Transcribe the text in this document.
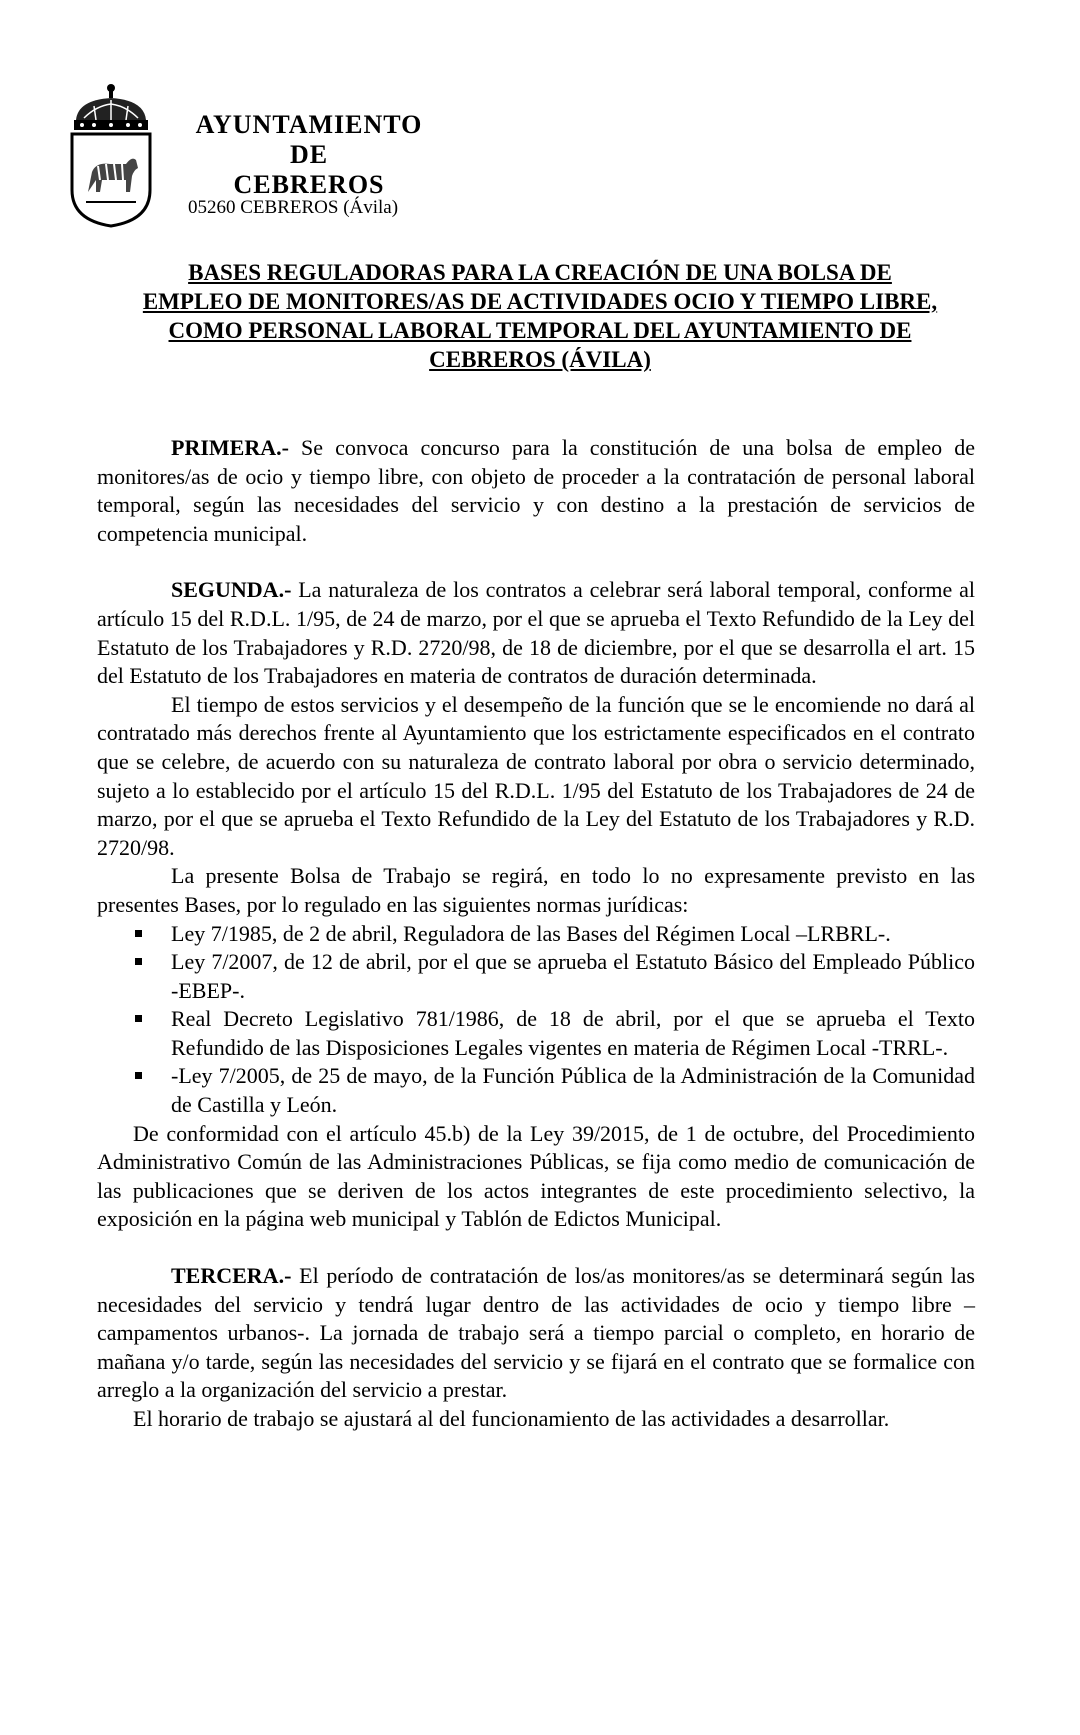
AYUNTAMIENTO
DE
CEBREROS
05260 CEBREROS (Ávila)
BASES REGULADORAS PARA LA CREACIÓN DE UNA BOLSA DE
EMPLEO DE MONITORES/AS DE ACTIVIDADES OCIO Y TIEMPO LIBRE,
COMO PERSONAL LABORAL TEMPORAL DEL AYUNTAMIENTO DE
CEBREROS (ÁVILA)

PRIMERA.- Se convoca concurso para la constitución de una bolsa de empleo de monitores/as de ocio y tiempo libre, con objeto de proceder a la contratación de personal laboral temporal, según las necesidades del servicio y con destino a la prestación de servicios de competencia municipal.

SEGUNDA.- La naturaleza de los contratos a celebrar será laboral temporal, conforme al artículo 15 del R.D.L. 1/95, de 24 de marzo, por el que se aprueba el Texto Refundido de la Ley del Estatuto de los Trabajadores y R.D. 2720/98, de 18 de diciembre, por el que se desarrolla el art. 15 del Estatuto de los Trabajadores en materia de contratos de duración determinada.

El tiempo de estos servicios y el desempeño de la función que se le encomiende no dará al contratado más derechos frente al Ayuntamiento que los estrictamente especificados en el contrato que se celebre, de acuerdo con su naturaleza de contrato laboral por obra o servicio determinado, sujeto a lo establecido por el artículo 15 del R.D.L. 1/95 del Estatuto de los Trabajadores de 24 de marzo, por el que se aprueba el Texto Refundido de la Ley del Estatuto de los Trabajadores y R.D. 2720/98.

La presente Bolsa de Trabajo se regirá, en todo lo no expresamente previsto en las presentes Bases, por lo regulado en las siguientes normas jurídicas:

Ley 7/1985, de 2 de abril, Reguladora de las Bases del Régimen Local –LRBRL-.
Ley 7/2007, de 12 de abril, por el que se aprueba el Estatuto Básico del Empleado Público -EBEP-.
Real Decreto Legislativo 781/1986, de 18 de abril, por el que se aprueba el Texto Refundido de las Disposiciones Legales vigentes en materia de Régimen Local -TRRL-.
-Ley 7/2005, de 25 de mayo, de la Función Pública de la Administración de la Comunidad de Castilla y León.

De conformidad con el artículo 45.b) de la Ley 39/2015, de 1 de octubre, del Procedimiento Administrativo Común de las Administraciones Públicas, se fija como medio de comunicación de las publicaciones que se deriven de los actos integrantes de este procedimiento selectivo, la exposición en la página web municipal y Tablón de Edictos Municipal.

TERCERA.- El período de contratación de los/as monitores/as se determinará según las necesidades del servicio y tendrá lugar dentro de las actividades de ocio y tiempo libre –campamentos urbanos-. La jornada de trabajo será a tiempo parcial o completo, en horario de mañana y/o tarde, según las necesidades del servicio y se fijará en el contrato que se formalice con arreglo a la organización del servicio a prestar.

El horario de trabajo se ajustará al del funcionamiento de las actividades a desarrollar.
